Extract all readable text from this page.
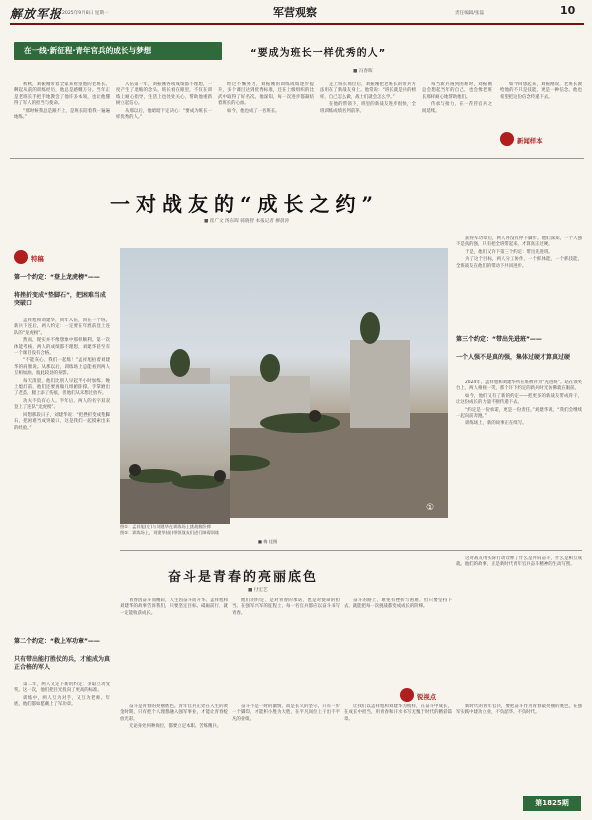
解放军报 2025年9月8日 星期一	军营观察	责任编辑/张磊	10
在一线·新征程·青年官兵的成长与梦想	“要成为班长一样优秀的人”
■ 冯春晖

初秋，刘振刚带着全家来看望他的老班长。聊起从前的训练经历，他总是感慨万分。当年正是老班长手把手地教会了他许多本领，也让他懂得了军人的担当与使命。

“那时候我总是跟不上，是班长陪着我一遍遍地练。”

入伍第一年，刘振刚各项成绩都不理想，一度产生了退缩的念头。班长看在眼里，不仅在训练上耐心指导，生活上也处处关心，帮助他重新树立起信心。

从那以后，他暗暗下定决心：“要成为班长一样优秀的人。”

经过不懈努力，刘振刚的训练成绩逐步提升，多个课目达到优秀标准，还在上级组织的比武中取得了好名次。他深知，每一次进步都凝结着班长的心血。

如今，他也成了一名班长。

走上班长岗位后，刘振刚把老班长的带兵方法用在了新战友身上。他常说：“班长就是兵的榜样，自己怎么做，战士们就会怎么学。”

在他的带领下，班里的新战友进步很快，全班训练成绩名列前茅。

每当新兵遇到困难时，刘振刚总会想起当年的自己，也会像老班长那样耐心地帮助他们。

传承与接力，在一茬茬官兵之间延续。

如今回想起来，刘振刚说，老班长教给他的不只是技能，更是一种信念。他也希望把这份信念传递下去。

新闻样本
一对战友的“成长之约”
■ 崔广文 汤东晖 韩晓智 本报记者 柳晨涛
特稿
第一个约定：“登上龙虎榜”——
将挫折变成“垫脚石”，把困难当成突破口

孟祥旭和刘建华，同年入伍，同在一个班。新兵下连后，两人约定：一定要在年底前登上连队的“龙虎榜”。

然而，现实并不像想象中那样顺利。第一次体能考核，两人的成绩都不理想，刘建华甚至有一个课目没有合格。

“不能灰心，我们一起练！”孟祥旭拍着刘建华的肩膀说。从那以后，训练场上总能看到两人互相加油、彼此较劲的身影。

每天清晨，他们比别人早起半小时加练；晚上熄灯前，他们还要再做几组俯卧撑。手掌磨出了老茧，腿上添了伤痕，但他们从未想过放弃。

功夫不负有心人。半年后，两人的名字双双登上了连队“龙虎榜”。

回想那段日子，刘建华说：“把挫折变成垫脚石，把困难当成突破口，这是我们一起摸索出来的经验。”

第二个约定：“救上军功章”——
只有带出能打胜仗的兵，才能成为真正合格的军人

第二年，两人又定下新的约定：争取立功受奖。这一次，他们把目光投向了更高的标准。

训练中，两人互为对手，又互为老师。年底，他们都如愿戴上了军功章。

①
图①：孟祥旭(左)与刘建华在训练场上挑战俯卧撑
图②：训练场上，刘建华(前)带领战友们进行障碍训练
■ 梅 佳摄

获得军功章后，两人并没有停下脚步。他们深知，一个人强不是真的强，只有把全班带起来，才算真正过硬。

于是，他们又许下第三个约定：带出先进班。

为了这个目标，两人分工协作，一个抓体能，一个抓技能，全班战友在他们的带动下共同进步。

第三个约定：“带出先进班”——
一个人强不是真的强，集体过硬才算真过硬

2024年，孟祥旭和刘建华所在班被评为“先进班”。站在领奖台上，两人相视一笑，那个许下约定的新兵时光仿佛就在眼前。

如今，他们又有了新的约定——把更多的新战友带成骨干，让这份成长的力量不断传递下去。

“约定是一份承诺，更是一份责任。”刘建华说，“我们会继续一起向前奔跑。”

训练场上，新的故事正在续写。

奋斗是青春的亮丽底色
■ 付宏艺

青春因奋斗而精彩，人生因奋斗而升华。孟祥旭和刘建华的故事告诉我们，只要坚定目标、砥砺前行，就一定能收获成长。

他们的约定，是对青春的承诺，也是对使命的担当。在强军兴军的征程上，每一名官兵都应以奋斗书写青春。

奋斗的路上，难免有挫折与困难，但只要坚持下去，就能把每一次挑战都变成成长的阶梯。

这对战友用实际行动诠释了什么是并肩奋斗，什么是相互成就。他们的故事，正是新时代青年官兵奋斗精神的生动写照。

锐视点

奋斗是青春的亮丽底色。青年官兵正处在人生的黄金时期，只有把个人理想融入强军事业，才能让青春绽放光彩。

无论身处何种岗位，都要立足本职、苦练精兵。

奋斗不是一时的激情，而是长久的坚守。只有一步一个脚印，才能积小胜为大胜，在平凡岗位上干出不平凡的业绩。

让我们以孟祥旭和刘建华为榜样，在奋斗中成长，在成长中担当，用青春和汗水书写无愧于时代的精彩篇章。

新时代的青年官兵，要把奋斗作为青春最亮丽的底色，在强军实践中建功立业，不负韶华、不负时代。

第1825期
